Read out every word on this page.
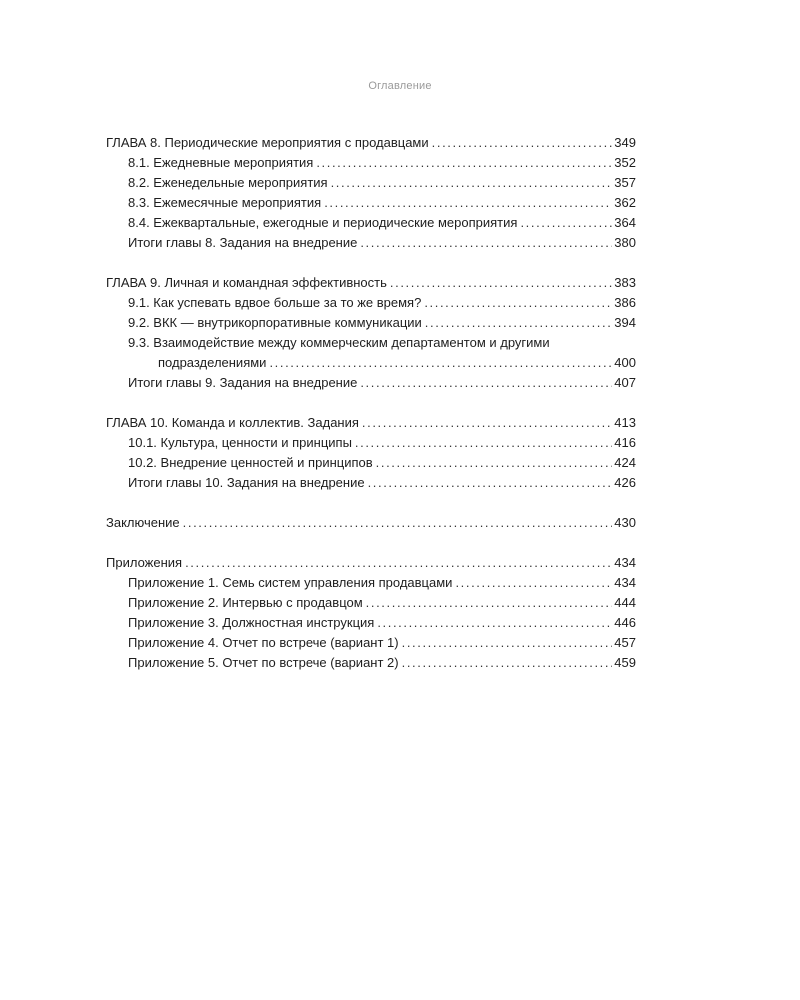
Оглавление
ГЛАВА 8. Периодические мероприятия с продавцами .....	349
8.1. Ежедневные мероприятия .....	352
8.2. Еженедельные мероприятия .....	357
8.3. Ежемесячные мероприятия .....	362
8.4. Ежеквартальные, ежегодные и периодические мероприятия .....	364
Итоги главы 8. Задания на внедрение .....	380
ГЛАВА 9. Личная и командная эффективность .....	383
9.1. Как успевать вдвое больше за то же время? .....	386
9.2. ВКК — внутрикорпоративные коммуникации .....	394
9.3. Взаимодействие между коммерческим департаментом и другими
подразделениями .....	400
Итоги главы 9. Задания на внедрение .....	407
ГЛАВА 10. Команда и коллектив. Задания .....	413
10.1. Культура, ценности и принципы .....	416
10.2. Внедрение ценностей и принципов .....	424
Итоги главы 10. Задания на внедрение .....	426
Заключение .....	430
Приложения .....	434
Приложение 1. Семь систем управления продавцами .....	434
Приложение 2. Интервью с продавцом .....	444
Приложение 3. Должностная инструкция .....	446
Приложение 4. Отчет по встрече (вариант 1) .....	457
Приложение 5. Отчет по встрече (вариант 2) .....	459
